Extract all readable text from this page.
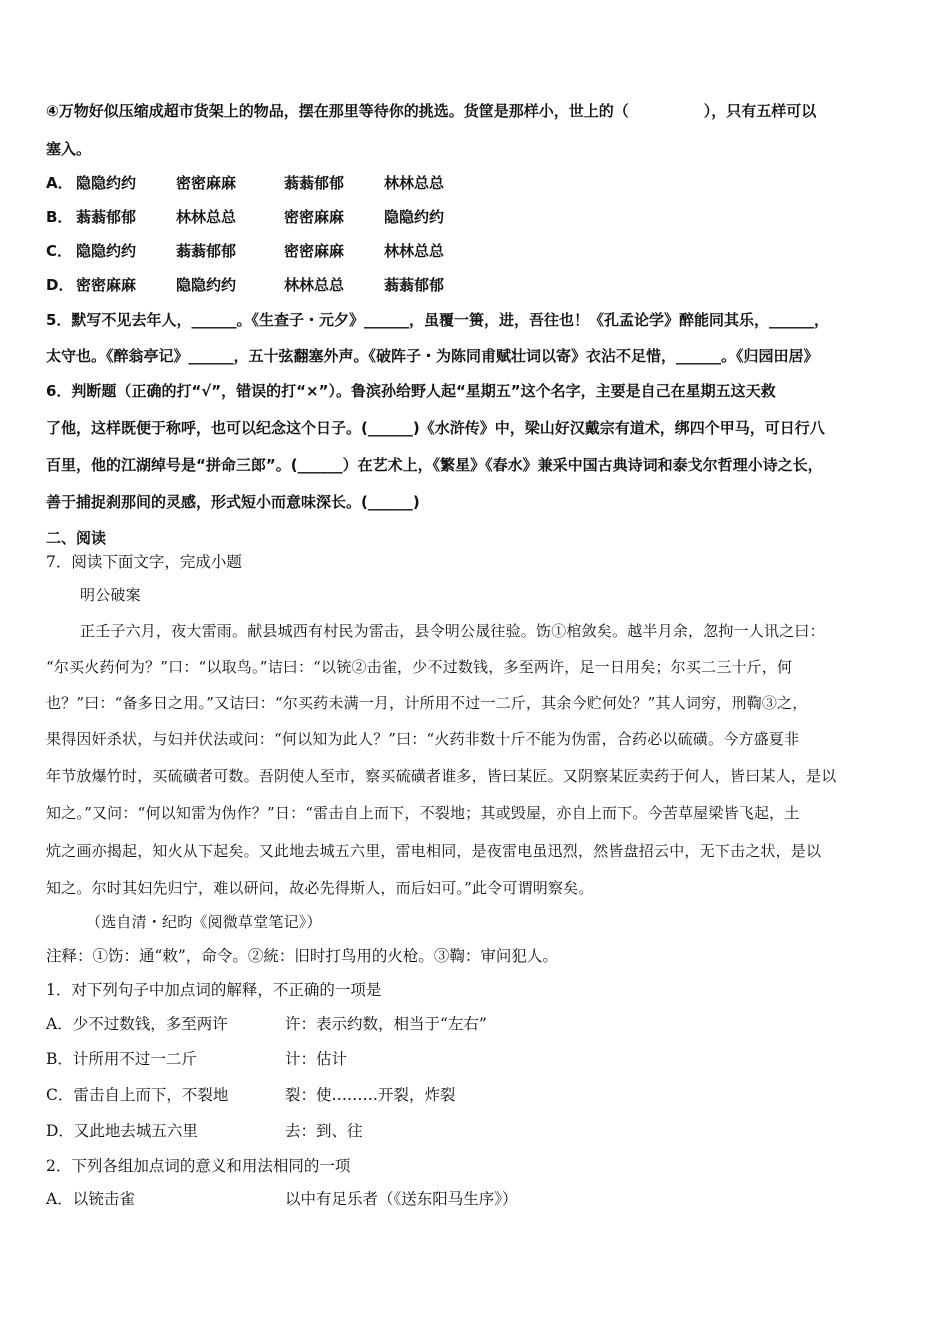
④万物好似压缩成超市货架上的物品，摆在那里等待你的挑选。货筐是那样小，世上的（　　　　　），只有五样可以
塞入。
A． 隐隐约约	密密麻麻	蓊蓊郁郁	林林总总
B． 蓊蓊郁郁	林林总总	密密麻麻	隐隐约约
C． 隐隐约约	蓊蓊郁郁	密密麻麻	林林总总
D． 密密麻麻	隐隐约约	林林总总	蓊蓊郁郁
5．默写不见去年人，______。《生查子・元夕》______，虽覆一篑，进，吾往也！《孔孟论学》醉能同其乐，______，
太守也。《醉翁亭记》______，五十弦翻塞外声。《破阵子・为陈同甫赋壮词以寄》衣沾不足惜，______。《归园田居》
6．判断题（正确的打“√”，错误的打“×”）。鲁滨孙给野人起“星期五”这个名字，主要是自己在星期五这天救
了他，这样既便于称呼，也可以纪念这个日子。(______)《水浒传》中，梁山好汉戴宗有道术，绑四个甲马，可日行八
百里，他的江湖绰号是“拼命三郎”。(______）在艺术上，《繁星》《春水》兼采中国古典诗词和泰戈尔哲理小诗之长，
善于捕捉刹那间的灵感，形式短小而意味深长。(______)
二、阅读
7．阅读下面文字，完成小题
明公破案
正壬子六月，夜大雷雨。献县城西有村民为雷击，县令明公晟往验。饬①棺敛矣。越半月余，忽拘一人讯之曰：
“尔买火药何为？”口：“以取鸟。”诘曰：“以铳②击雀，少不过数钱，多至两许，足一日用矣；尔买二三十斤，何
也？”曰：“备多日之用。”又诘曰：“尔买药未满一月，计所用不过一二斤，其余今贮何处？”其人词穷，刑鞫③之，
果得因奸杀状，与妇并伏法或问：“何以知为此人？”曰：“火药非数十斤不能为伪雷，合药必以硫磺。今方盛夏非
年节放爆竹时，买硫磺者可数。吾阴使人至市，察买硫磺者谁多，皆曰某匠。又阴察某匠卖药于何人，皆曰某人，是以
知之。”又问：“何以知雷为伪作？”日：“雷击自上而下，不裂地；其或毁屋，亦自上而下。今苦草屋梁皆飞起，土
炕之画亦揭起，知火从下起矣。又此地去城五六里，雷电相同，是夜雷电虽迅烈，然皆盘招云中，无下击之状，是以
知之。尔时其妇先归宁，难以研问，故必先得斯人，而后妇可。”此令可谓明察矣。
（选自清・纪昀《阅微草堂笔记》）
注释：①饬：通“敕”，命令。②統：旧时打鸟用的火枪。③鞫：审问犯人。
1．对下列句子中加点词的解释，不正确的一项是
A．少不过数钱，多至两许	许：表示约数，相当于“左右”
B．计所用不过一二斤	计：估计
C．雷击自上而下，不裂地	裂：使………开裂，炸裂
D．又此地去城五六里	去：到、往
2．下列各组加点词的意义和用法相同的一项
A．以铳击雀	以中有足乐者（《送东阳马生序》）
